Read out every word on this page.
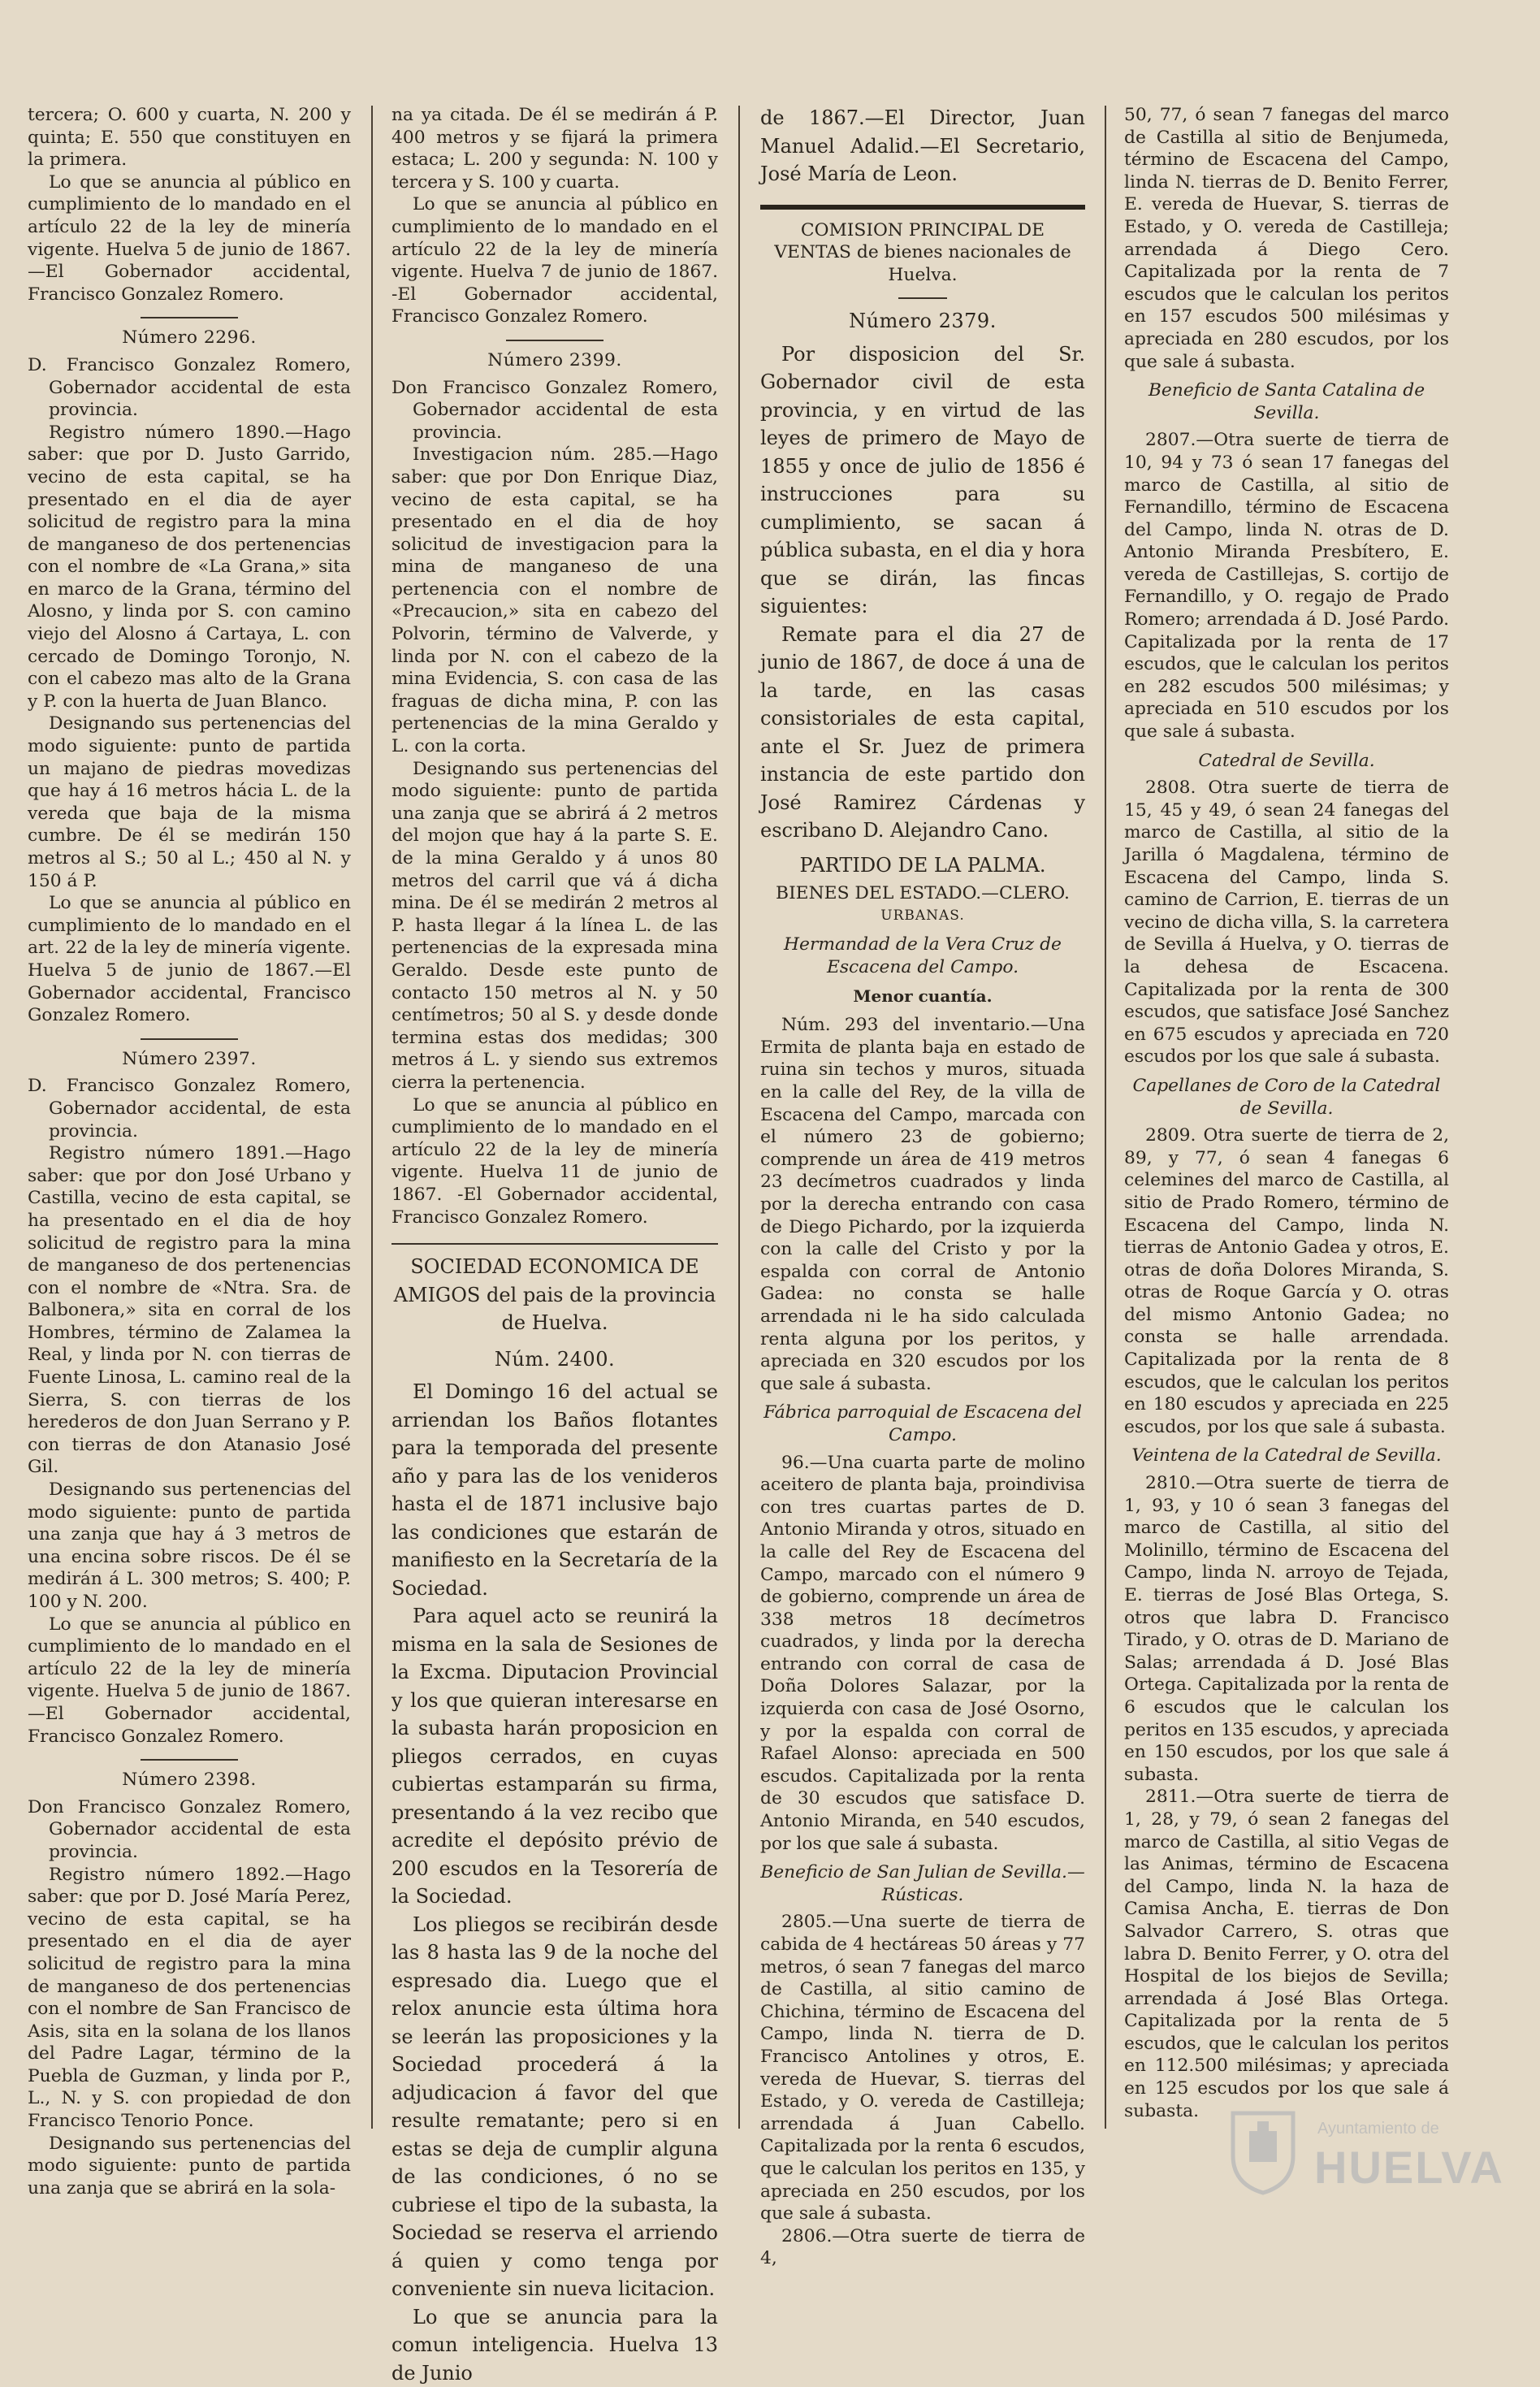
tercera; O. 600 y cuarta, N. 200 y quinta; E. 550 que constituyen en la primera.

Lo que se anuncia al público en cumplimiento de lo mandado en el artículo 22 de la ley de minería vigente. Huelva 5 de junio de 1867.—El Gobernador accidental, Francisco Gonzalez Romero.

Número 2296.

D. Francisco Gonzalez Romero, Gobernador accidental de esta provincia.

Registro número 1890.—Hago saber: que por D. Justo Garrido, vecino de esta capital, se ha presentado en el dia de ayer solicitud de registro para la mina de manganeso de dos pertenencias con el nombre de «La Grana,» sita en marco de la Grana, término del Alosno, y linda por S. con camino viejo del Alosno á Cartaya, L. con cercado de Domingo Toronjo, N. con el cabezo mas alto de la Grana y P. con la huerta de Juan Blanco.

Designando sus pertenencias del modo siguiente: punto de partida un majano de piedras movedizas que hay á 16 metros hácia L. de la vereda que baja de la misma cumbre. De él se medirán 150 metros al S.; 50 al L.; 450 al N. y 150 á P.

Lo que se anuncia al público en cumplimiento de lo mandado en el art. 22 de la ley de minería vigente. Huelva 5 de junio de 1867.—El Gobernador accidental, Francisco Gonzalez Romero.

Número 2397.

D. Francisco Gonzalez Romero, Gobernador accidental, de esta provincia.

Registro número 1891.—Hago saber: que por don José Urbano y Castilla, vecino de esta capital, se ha presentado en el dia de hoy solicitud de registro para la mina de manganeso de dos pertenencias con el nombre de «Ntra. Sra. de Balbonera,» sita en corral de los Hombres, término de Zalamea la Real, y linda por N. con tierras de Fuente Linosa, L. camino real de la Sierra, S. con tierras de los herederos de don Juan Serrano y P. con tierras de don Atanasio José Gil.

Designando sus pertenencias del modo siguiente: punto de partida una zanja que hay á 3 metros de una encina sobre riscos. De él se medirán á L. 300 metros; S. 400; P. 100 y N. 200.

Lo que se anuncia al público en cumplimiento de lo mandado en el artículo 22 de la ley de minería vigente. Huelva 5 de junio de 1867. —El Gobernador accidental, Francisco Gonzalez Romero.

Número 2398.

Don Francisco Gonzalez Romero, Gobernador accidental de esta provincia.

Registro número 1892.—Hago saber: que por D. José María Perez, vecino de esta capital, se ha presentado en el dia de ayer solicitud de registro para la mina de manganeso de dos pertenencias con el nombre de San Francisco de Asis, sita en la solana de los llanos del Padre Lagar, término de la Puebla de Guzman, y linda por P., L., N. y S. con propiedad de don Francisco Tenorio Ponce.

Designando sus pertenencias del modo siguiente: punto de partida una zanja que se abrirá en la sola-

na ya citada. De él se medirán á P. 400 metros y se fijará la primera estaca; L. 200 y segunda: N. 100 y tercera y S. 100 y cuarta.

Lo que se anuncia al público en cumplimiento de lo mandado en el artículo 22 de la ley de minería vigente. Huelva 7 de junio de 1867. -El Gobernador accidental, Francisco Gonzalez Romero.

Número 2399.

Don Francisco Gonzalez Romero, Gobernador accidental de esta provincia.

Investigacion núm. 285.—Hago saber: que por Don Enrique Diaz, vecino de esta capital, se ha presentado en el dia de hoy solicitud de investigacion para la mina de manganeso de una pertenencia con el nombre de «Precaucion,» sita en cabezo del Polvorin, término de Valverde, y linda por N. con el cabezo de la mina Evidencia, S. con casa de las fraguas de dicha mina, P. con las pertenencias de la mina Geraldo y L. con la corta.

Designando sus pertenencias del modo siguiente: punto de partida una zanja que se abrirá á 2 metros del mojon que hay á la parte S. E. de la mina Geraldo y á unos 80 metros del carril que vá á dicha mina. De él se medirán 2 metros al P. hasta llegar á la línea L. de las pertenencias de la expresada mina Geraldo. Desde este punto de contacto 150 metros al N. y 50 centímetros; 50 al S. y desde donde termina estas dos medidas; 300 metros á L. y siendo sus extremos cierra la pertenencia.

Lo que se anuncia al público en cumplimiento de lo mandado en el artículo 22 de la ley de minería vigente. Huelva 11 de junio de 1867. -El Gobernador accidental, Francisco Gonzalez Romero.

SOCIEDAD ECONOMICA DE AMIGOS del pais de la provincia de Huelva.

Núm. 2400.

El Domingo 16 del actual se arriendan los Baños flotantes para la temporada del presente año y para las de los venideros hasta el de 1871 inclusive bajo las condiciones que estarán de manifiesto en la Secretaría de la Sociedad.

Para aquel acto se reunirá la misma en la sala de Sesiones de la Excma. Diputacion Provincial y los que quieran interesarse en la subasta harán proposicion en pliegos cerrados, en cuyas cubiertas estamparán su firma, presentando á la vez recibo que acredite el depósito prévio de 200 escudos en la Tesorería de la Sociedad.

Los pliegos se recibirán desde las 8 hasta las 9 de la noche del espresado dia. Luego que el relox anuncie esta última hora se leerán las proposiciones y la Sociedad procederá á la adjudicacion á favor del que resulte rematante; pero si en estas se deja de cumplir alguna de las condiciones, ó no se cubriese el tipo de la subasta, la Sociedad se reserva el arriendo á quien y como tenga por conveniente sin nueva licitacion.

Lo que se anuncia para la comun inteligencia. Huelva 13 de Junio

de 1867.—El Director, Juan Manuel Adalid.—El Secretario, José María de Leon.

COMISION PRINCIPAL DE VENTAS de bienes nacionales de Huelva.

Número 2379.

Por disposicion del Sr. Gobernador civil de esta provincia, y en virtud de las leyes de primero de Mayo de 1855 y once de julio de 1856 é instrucciones para su cumplimiento, se sacan á pública subasta, en el dia y hora que se dirán, las fincas siguientes:

Remate para el dia 27 de junio de 1867, de doce á una de la tarde, en las casas consistoriales de esta capital, ante el Sr. Juez de primera instancia de este partido don José Ramirez Cárdenas y escribano D. Alejandro Cano.

PARTIDO DE LA PALMA.

BIENES DEL ESTADO.—CLERO.

URBANAS.

Hermandad de la Vera Cruz de Escacena del Campo.

Menor cuantía.

Núm. 293 del inventario.—Una Ermita de planta baja en estado de ruina sin techos y muros, situada en la calle del Rey, de la villa de Escacena del Campo, marcada con el número 23 de gobierno; comprende un área de 419 metros 23 decímetros cuadrados y linda por la derecha entrando con casa de Diego Pichardo, por la izquierda con la calle del Cristo y por la espalda con corral de Antonio Gadea: no consta se halle arrendada ni le ha sido calculada renta alguna por los peritos, y apreciada en 320 escudos por los que sale á subasta.

Fábrica parroquial de Escacena del Campo.

96.—Una cuarta parte de molino aceitero de planta baja, proindivisa con tres cuartas partes de D. Antonio Miranda y otros, situado en la calle del Rey de Escacena del Campo, marcado con el número 9 de gobierno, comprende un área de 338 metros 18 decímetros cuadrados, y linda por la derecha entrando con corral de casa de Doña Dolores Salazar, por la izquierda con casa de José Osorno, y por la espalda con corral de Rafael Alonso: apreciada en 500 escudos. Capitalizada por la renta de 30 escudos que satisface D. Antonio Miranda, en 540 escudos, por los que sale á subasta.

Beneficio de San Julian de Sevilla.— Rústicas.

2805.—Una suerte de tierra de cabida de 4 hectáreas 50 áreas y 77 metros, ó sean 7 fanegas del marco de Castilla, al sitio camino de Chichina, término de Escacena del Campo, linda N. tierra de D. Francisco Antolines y otros, E. vereda de Huevar, S. tierras del Estado, y O. vereda de Castilleja; arrendada á Juan Cabello. Capitalizada por la renta 6 escudos, que le calculan los peritos en 135, y apreciada en 250 escudos, por los que sale á subasta.

2806.—Otra suerte de tierra de 4,

50, 77, ó sean 7 fanegas del marco de Castilla al sitio de Benjumeda, término de Escacena del Campo, linda N. tierras de D. Benito Ferrer, E. vereda de Huevar, S. tierras de Estado, y O. vereda de Castilleja; arrendada á Diego Cero. Capitalizada por la renta de 7 escudos que le calculan los peritos en 157 escudos 500 milésimas y apreciada en 280 escudos, por los que sale á subasta.

Beneficio de Santa Catalina de Sevilla.

2807.—Otra suerte de tierra de 10, 94 y 73 ó sean 17 fanegas del marco de Castilla, al sitio de Fernandillo, término de Escacena del Campo, linda N. otras de D. Antonio Miranda Presbítero, E. vereda de Castillejas, S. cortijo de Fernandillo, y O. regajo de Prado Romero; arrendada á D. José Pardo. Capitalizada por la renta de 17 escudos, que le calculan los peritos en 282 escudos 500 milésimas; y apreciada en 510 escudos por los que sale á subasta.

Catedral de Sevilla.

2808. Otra suerte de tierra de 15, 45 y 49, ó sean 24 fanegas del marco de Castilla, al sitio de la Jarilla ó Magdalena, término de Escacena del Campo, linda S. camino de Carrion, E. tierras de un vecino de dicha villa, S. la carretera de Sevilla á Huelva, y O. tierras de la dehesa de Escacena. Capitalizada por la renta de 300 escudos, que satisface José Sanchez en 675 escudos y apreciada en 720 escudos por los que sale á subasta.

Capellanes de Coro de la Catedral de Sevilla.

2809. Otra suerte de tierra de 2, 89, y 77, ó sean 4 fanegas 6 celemines del marco de Castilla, al sitio de Prado Romero, término de Escacena del Campo, linda N. tierras de Antonio Gadea y otros, E. otras de doña Dolores Miranda, S. otras de Roque García y O. otras del mismo Antonio Gadea; no consta se halle arrendada. Capitalizada por la renta de 8 escudos, que le calculan los peritos en 180 escudos y apreciada en 225 escudos, por los que sale á subasta.

Veintena de la Catedral de Sevilla.

2810.—Otra suerte de tierra de 1, 93, y 10 ó sean 3 fanegas del marco de Castilla, al sitio del Molinillo, término de Escacena del Campo, linda N. arroyo de Tejada, E. tierras de José Blas Ortega, S. otros que labra D. Francisco Tirado, y O. otras de D. Mariano de Salas; arrendada á D. José Blas Ortega. Capitalizada por la renta de 6 escudos que le calculan los peritos en 135 escudos, y apreciada en 150 escudos, por los que sale á subasta.

2811.—Otra suerte de tierra de 1, 28, y 79, ó sean 2 fanegas del marco de Castilla, al sitio Vegas de las Animas, término de Escacena del Campo, linda N. la haza de Camisa Ancha, E. tierras de Don Salvador Carrero, S. otras que labra D. Benito Ferrer, y O. otra del Hospital de los biejos de Sevilla; arrendada á José Blas Ortega. Capitalizada por la renta de 5 escudos, que le calculan los peritos en 112.500 milésimas; y apreciada en 125 escudos por los que sale á subasta.

Ayuntamiento de
HUELVA
